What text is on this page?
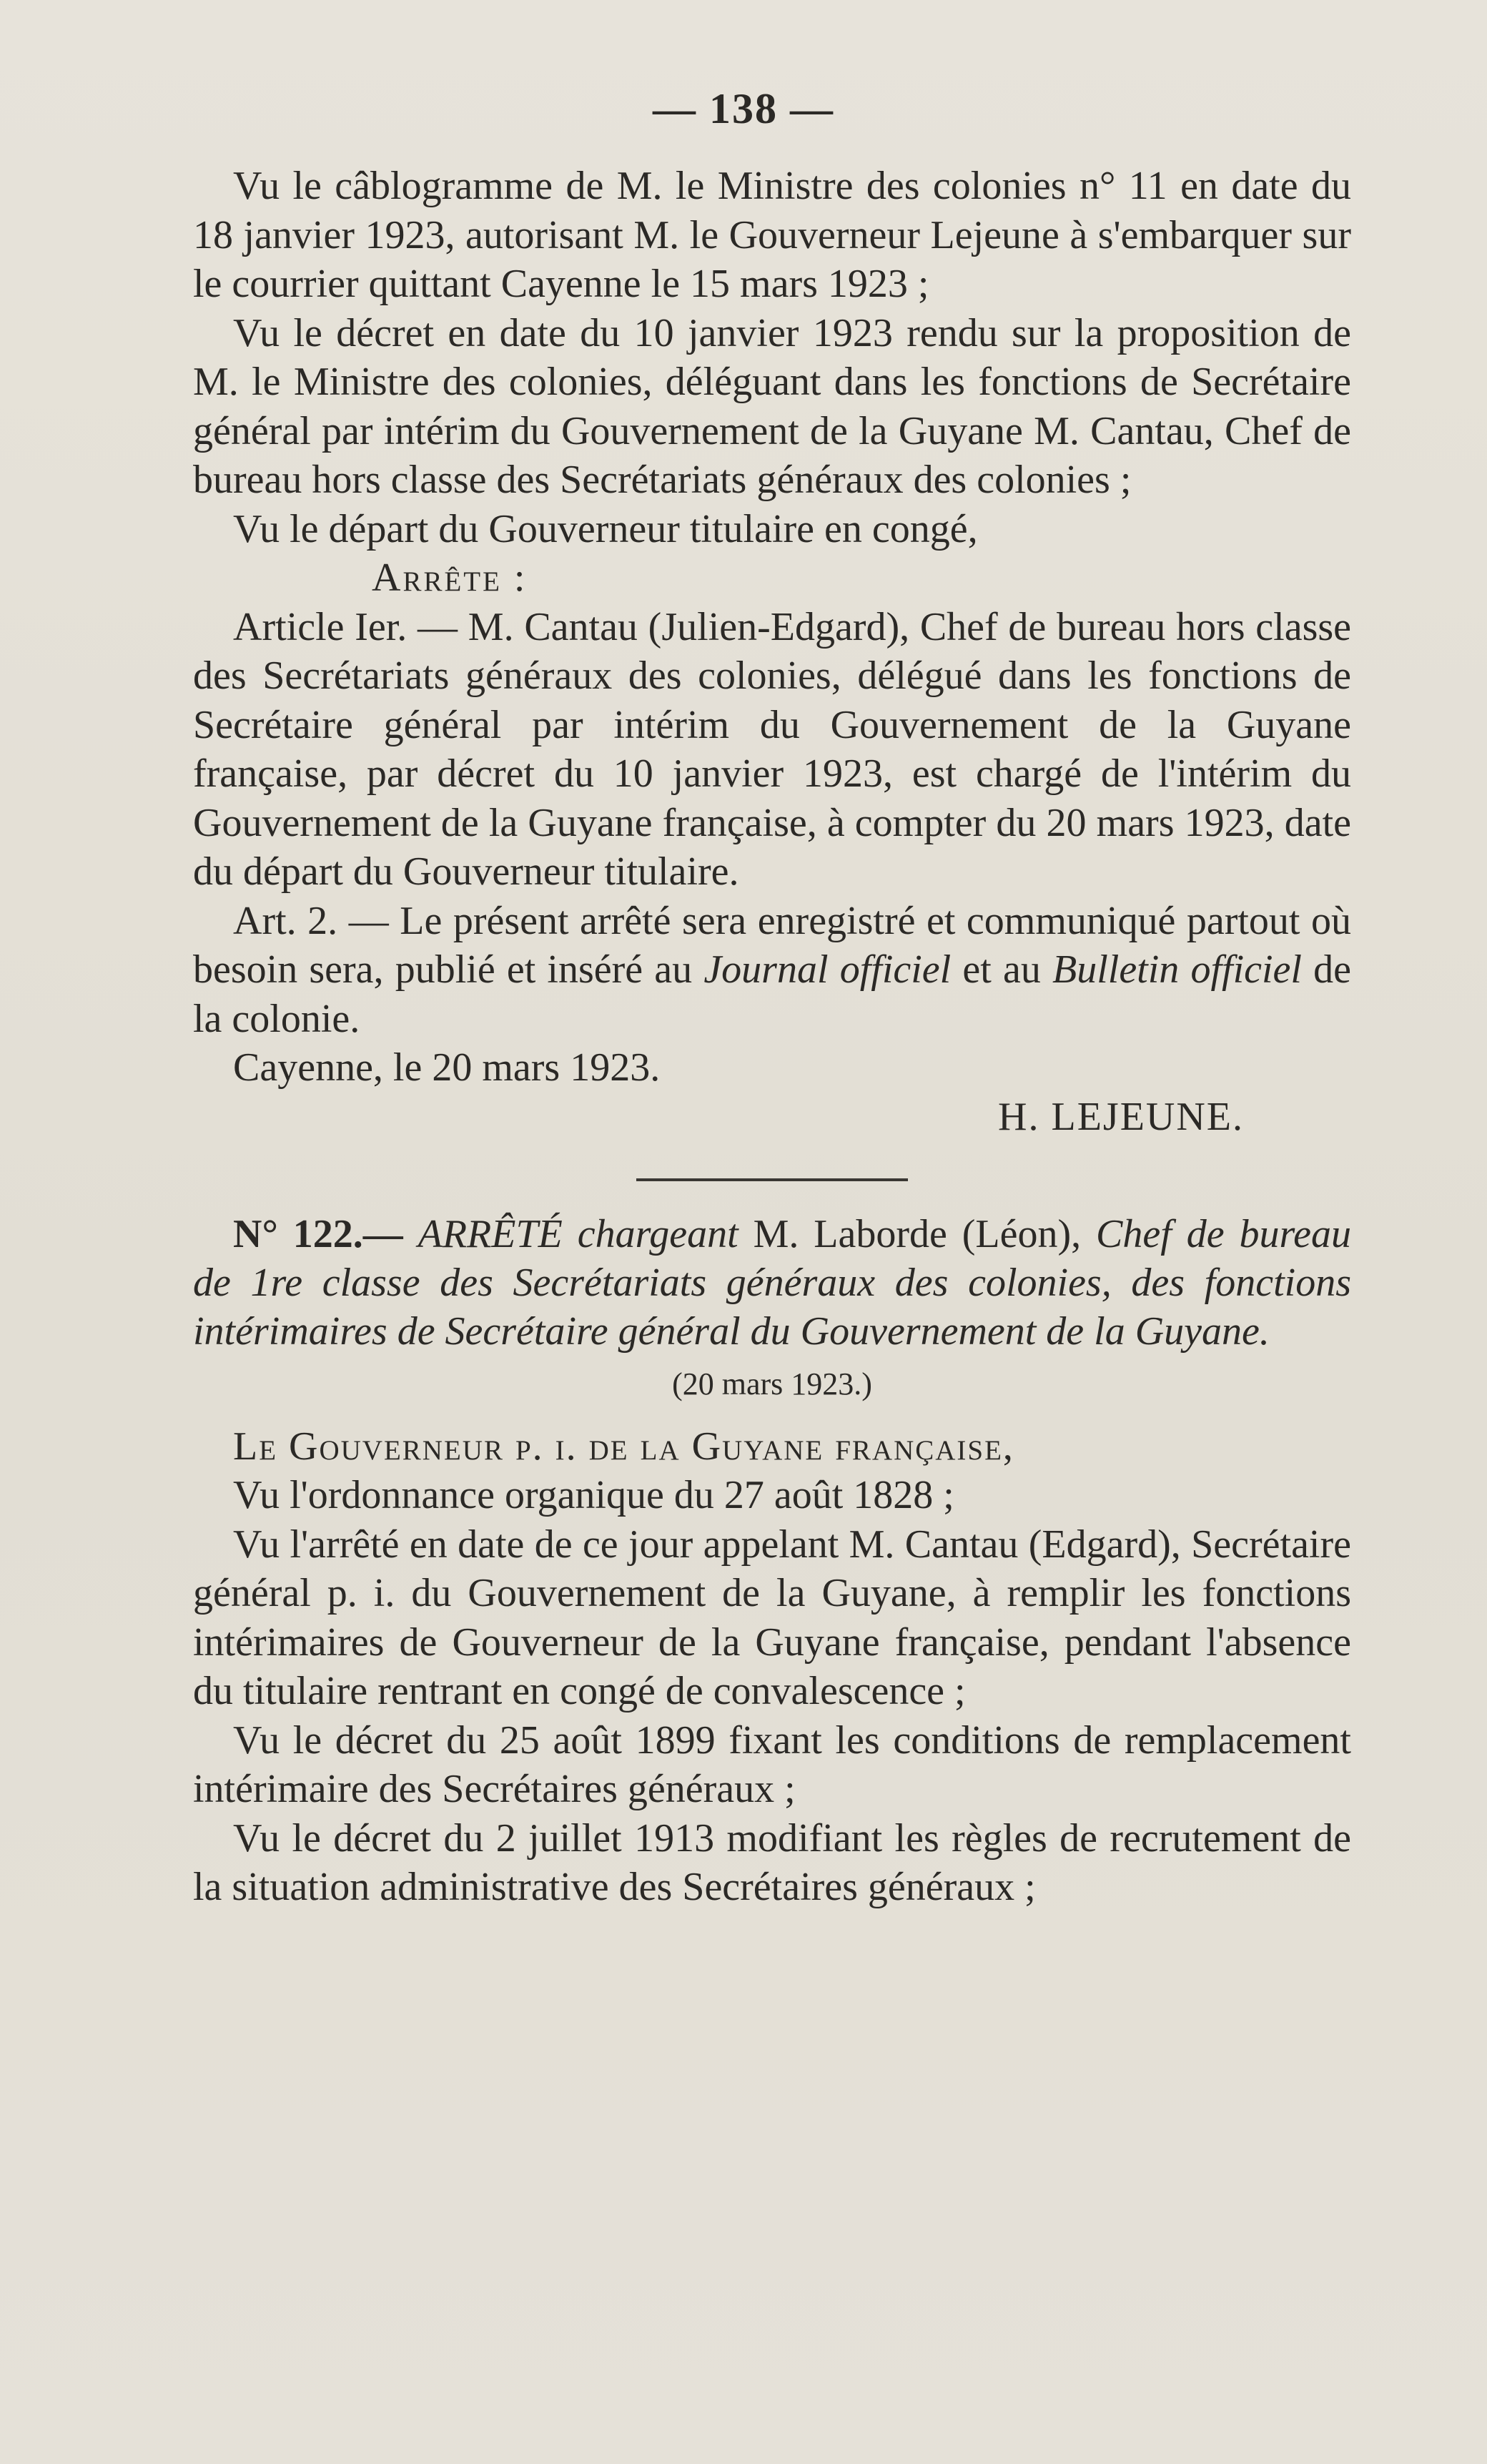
— 138 —

Vu le câblogramme de M. le Ministre des colonies n° 11 en date du 18 janvier 1923, autorisant M. le Gouverneur Lejeune à s'embarquer sur le courrier quittant Cayenne le 15 mars 1923 ;

Vu le décret en date du 10 janvier 1923 rendu sur la proposition de M. le Ministre des colonies, déléguant dans les fonctions de Secrétaire général par intérim du Gouvernement de la Guyane M. Cantau, Chef de bureau hors classe des Secrétariats généraux des colonies ;

Vu le départ du Gouverneur titulaire en congé,

Arrête :

Article Ier. — M. Cantau (Julien-Edgard), Chef de bureau hors classe des Secrétariats généraux des colonies, délégué dans les fonctions de Secrétaire général par intérim du Gouvernement de la Guyane française, par décret du 10 janvier 1923, est chargé de l'intérim du Gouvernement de la Guyane française, à compter du 20 mars 1923, date du départ du Gouverneur titulaire.

Art. 2. — Le présent arrêté sera enregistré et communiqué partout où besoin sera, publié et inséré au Journal officiel et au Bulletin officiel de la colonie.

Cayenne, le 20 mars 1923.

H. LEJEUNE.

N° 122.— ARRÊTÉ chargeant M. Laborde (Léon), Chef de bureau de 1re classe des Secrétariats généraux des colonies, des fonctions intérimaires de Secrétaire général du Gouvernement de la Guyane.

(20 mars 1923.)

Le Gouverneur p. i. de la Guyane française,

Vu l'ordonnance organique du 27 août 1828 ;

Vu l'arrêté en date de ce jour appelant M. Cantau (Edgard), Secrétaire général p. i. du Gouvernement de la Guyane, à remplir les fonctions intérimaires de Gouverneur de la Guyane française, pendant l'absence du titulaire rentrant en congé de convalescence ;

Vu le décret du 25 août 1899 fixant les conditions de remplacement intérimaire des Secrétaires généraux ;

Vu le décret du 2 juillet 1913 modifiant les règles de recrutement de la situation administrative des Secrétaires généraux ;
